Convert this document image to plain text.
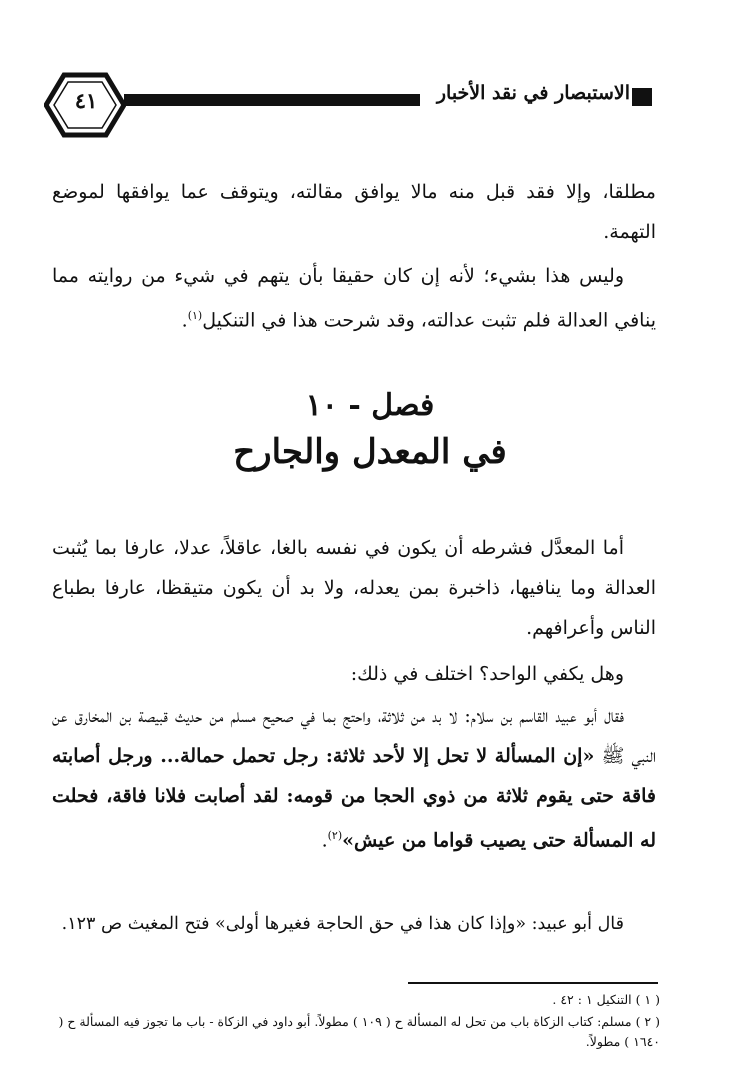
الاستبصار في نقد الأخبار
٤١
مطلقا، وإلا فقد قبل منه مالا يوافق مقالته، ويتوقف عما يوافقها لموضع التهمة.
وليس هذا بشيء؛ لأنه إن كان حقيقا بأن يتهم في شيء من روايته مما ينافي العدالة فلم تثبت عدالته، وقد شرحت هذا في التنكيل$^{(١)}$.
فصل - ١٠
في المعدل والجارح
أما المعدَّل فشرطه أن يكون في نفسه بالغا، عاقلاً، عدلا، عارفا بما يُثبت العدالة وما ينافيها، ذاخبرة بمن يعدله، ولا بد أن يكون متيقظا، عارفا بطباع الناس وأعرافهم.
وهل يكفي الواحد؟ اختلف في ذلك:
فقال أبو عبيد القاسم بن سلام: لا بد من ثلاثة، واحتج بما في صحيح مسلم من حديث قبيصة بن المخارق عن النبي ﷺ «إن المسألة لا تحل إلا لأحد ثلاثة: رجل تحمل حمالة... ورجل أصابته فاقة حتى يقوم ثلاثة من ذوي الحجا من قومه: لقد أصابت فلانا فاقة، فحلت له المسألة حتى يصيب قواما من عيش»$^{(٢)}$.
قال أبو عبيد: «وإذا كان هذا في حق الحاجة فغيرها أولى» فتح المغيث ص ١٢٣.
( ١ ) التنكيل ١ : ٤٢ .
( ٢ ) مسلم: كتاب الزكاة باب من تحل له المسألة ح ( ١٠٩ ) مطولاً. أبو داود في الزكاة - باب ما تجوز فيه المسألة ح ( ١٦٤٠ ) مطولاً.
